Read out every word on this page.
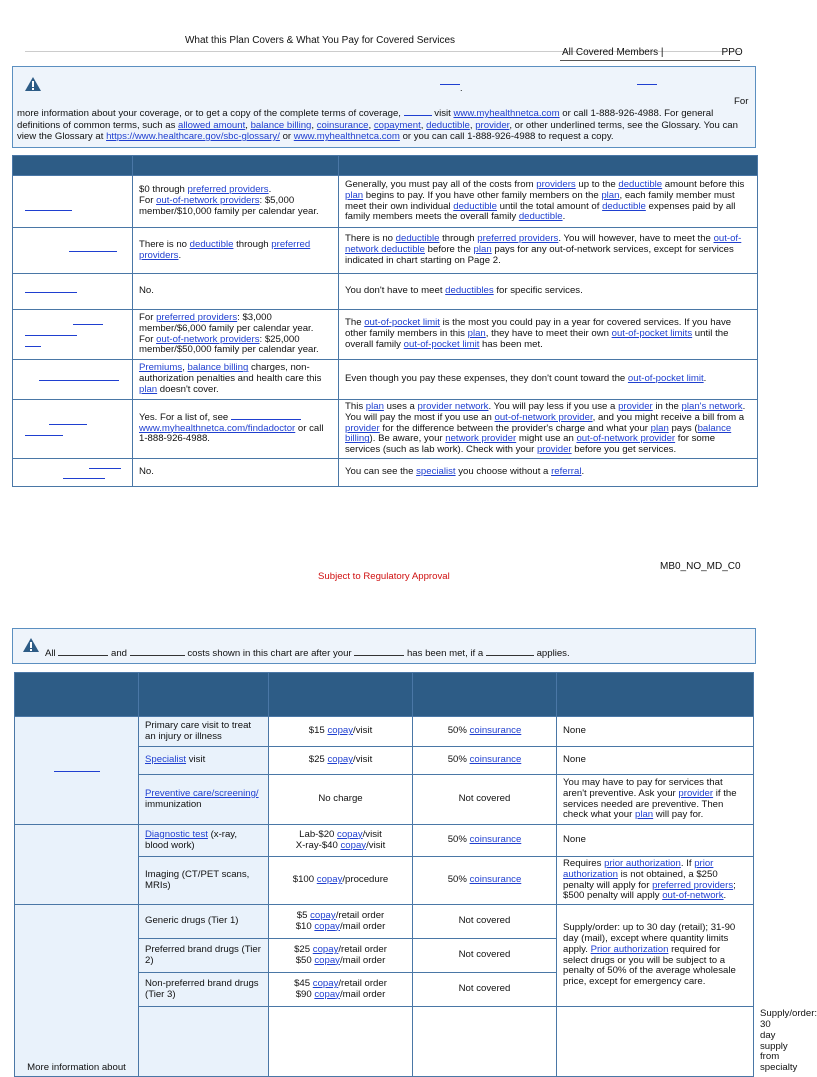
What this Plan Covers & What You Pay for Covered Services
All Covered Members |	PPO
.
For
more information about your coverage, or to get a copy of the complete terms of coverage,	visit www.myhealthnetca.com or call 1-888-926-4988. For general definitions of common terms, such as allowed amount, balance billing, coinsurance, copayment, deductible, provider, or other underlined terms, see the Glossary. You can view the Glossary at https://www.healthcare.gov/sbc-glossary/ or www.myhealthnetca.com or you can call 1-888-926-4988 to request a copy.

	$0 through preferred providers.
For out-of-network providers: $5,000 member/$10,000 family per calendar year.	Generally, you must pay all of the costs from providers up to the deductible amount before this plan begins to pay. If you have other family members on the plan, each family member must meet their own individual deductible until the total amount of deductible expenses paid by all family members meets the overall family deductible.

	There is no deductible through preferred providers.	There is no deductible through preferred providers. You will however, have to meet the out-of-network deductible before the plan pays for any out-of-network services, except for services indicated in chart starting on Page 2.

	No.	You don't have to meet deductibles for specific services.

	For preferred providers: $3,000 member/$6,000 family per calendar year.
For out-of-network providers: $25,000 member/$50,000 family per calendar year.	The out-of-pocket limit is the most you could pay in a year for covered services. If you have other family members in this plan, they have to meet their own out-of-pocket limits until the overall family out-of-pocket limit has been met.

	Premiums, balance billing charges, non-authorization penalties and health care this plan doesn't cover.	Even though you pay these expenses, they don't count toward the out-of-pocket limit.

	Yes. For a list of, see
www.myhealthnetca.com/findadoctor or call 1-888-926-4988.	This plan uses a provider network. You will pay less if you use a provider in the plan's network. You will pay the most if you use an out-of-network provider, and you might receive a bill from a provider for the difference between the provider's charge and what your plan pays (balance billing). Be aware, your network provider might use an out-of-network provider for some services (such as lab work). Check with your provider before you get services.

	No.	You can see the specialist you choose without a referral.
Subject to Regulatory Approval
MB0_NO_MD_C0
All	and	costs shown in this chart are after your	has been met, if a	applies.

	Primary care visit to treat an injury or illness	$15 copay/visit	50% coinsurance	None	
	Specialist visit	$25 copay/visit	50% coinsurance	None	
	Preventive care/screening/
immunization	No charge	Not covered	You may have to pay for services that aren't preventive. Ask your provider if the services needed are preventive. Then check what your plan will pay for.	
	Diagnostic test (x-ray, blood work)	Lab-$20 copay/visit
X-ray-$40 copay/visit	50% coinsurance	None	
	Imaging (CT/PET scans, MRIs)	$100 copay/procedure	50% coinsurance	Requires prior authorization. If prior authorization is not obtained, a $250 penalty will apply for preferred providers; $500 penalty will apply out-of-network.	

More information about	Generic drugs (Tier 1)	$5 copay/retail order
$10 copay/mail order	Not covered	Supply/order: up to 30 day (retail); 31-90 day (mail), except where quantity limits apply. Prior authorization required for select drugs or you will be subject to a penalty of 50% of the average wholesale price, except for emergency care.	
	Preferred brand drugs (Tier 2)	$25 copay/retail order
$50 copay/mail order	Not covered		
	Non-preferred brand drugs (Tier 3)	$45 copay/retail order
$90 copay/mail order	Not covered		
					Supply/order: 30 day supply from specialty
